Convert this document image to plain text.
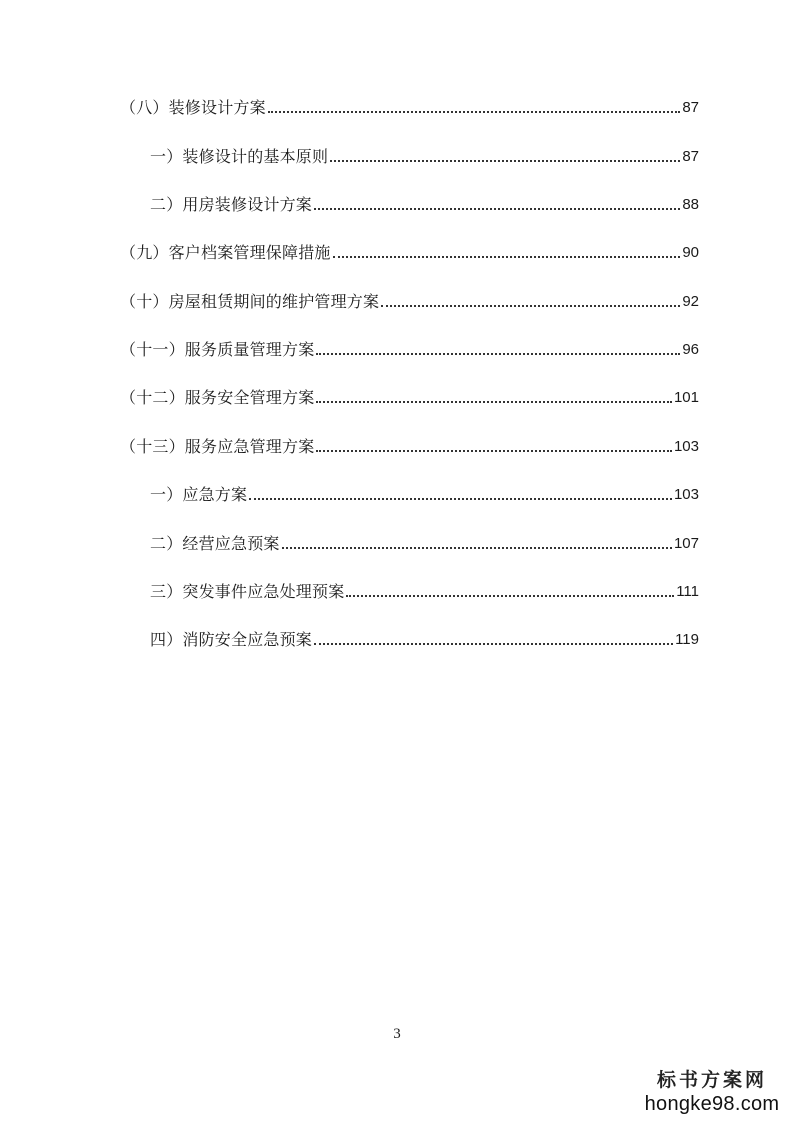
（八）装修设计方案	87
一）装修设计的基本原则	87
二）用房装修设计方案	88
（九）客户档案管理保障措施	90
（十）房屋租赁期间的维护管理方案	92
（十一）服务质量管理方案	96
（十二）服务安全管理方案	101
（十三）服务应急管理方案	103
一）应急方案	103
二）经营应急预案	107
三）突发事件应急处理预案	111
四）消防安全应急预案	119
3
标书方案网
hongke98.com
